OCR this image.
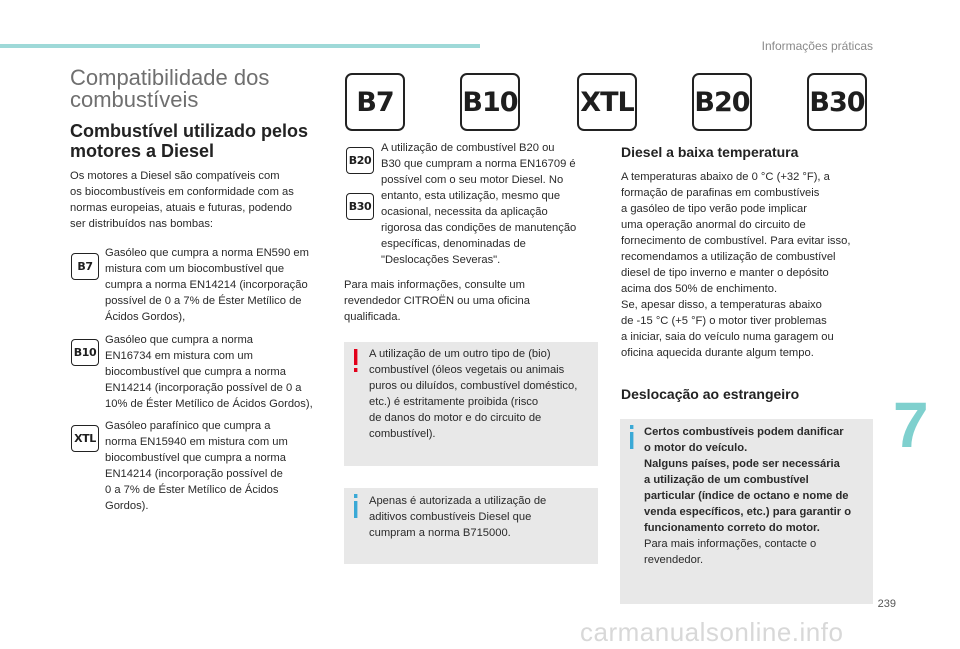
Informações práticas
7
239
Compatibilidade dos
combustíveis
Combustível utilizado pelos
motores a Diesel
Os motores a Diesel são compatíveis com
os biocombustíveis em conformidade com as
normas europeias, atuais e futuras, podendo
ser distribuídos nas bombas:
B7
Gasóleo que cumpra a norma EN590 em
mistura com um biocombustível que
cumpra a norma EN14214 (incorporação
possível de 0 a 7% de Éster Metílico de
Ácidos Gordos),
B10
Gasóleo que cumpra a norma
EN16734 em mistura com um
biocombustível que cumpra a norma
EN14214 (incorporação possível de 0 a
10% de Éster Metílico de Ácidos Gordos),
XTL
Gasóleo parafínico que cumpra a
norma EN15940 em mistura com um
biocombustível que cumpra a norma
EN14214 (incorporação possível de
0 a 7% de Éster Metílico de Ácidos
Gordos).
B7	B10 XTL B20 B30
B20
B30
A utilização de combustível B20 ou
B30 que cumpram a norma EN16709 é
possível com o seu motor Diesel. No
entanto, esta utilização, mesmo que
ocasional, necessita da aplicação
rigorosa das condições de manutenção
específicas, denominadas de
"Deslocações Severas".
Para mais informações, consulte um
revendedor CITROËN ou uma oficina
qualificada.
A utilização de um outro tipo de (bio)
combustível (óleos vegetais ou animais
puros ou diluídos, combustível doméstico,
etc.) é estritamente proibida (risco
de danos do motor e do circuito de
combustível).
Apenas é autorizada a utilização de
aditivos combustíveis Diesel que
cumpram a norma B715000.
Diesel a baixa temperatura
A temperaturas abaixo de 0 °C (+32 °F), a
formação de parafinas em combustíveis
a gasóleo de tipo verão pode implicar
uma operação anormal do circuito de
fornecimento de combustível. Para evitar isso,
recomendamos a utilização de combustível
diesel de tipo inverno e manter o depósito
acima dos 50% de enchimento.
Se, apesar disso, a temperaturas abaixo
de -15 °C (+5 °F) o motor tiver problemas
a iniciar, saia do veículo numa garagem ou
oficina aquecida durante algum tempo.
Deslocação ao estrangeiro
Certos combustíveis podem danificar
o motor do veículo.
Nalguns países, pode ser necessária
a utilização de um combustível
particular (índice de octano e nome de
venda específicos, etc.) para garantir o
funcionamento correto do motor.
Para mais informações, contacte o
revendedor.
carmanualsonline.info
